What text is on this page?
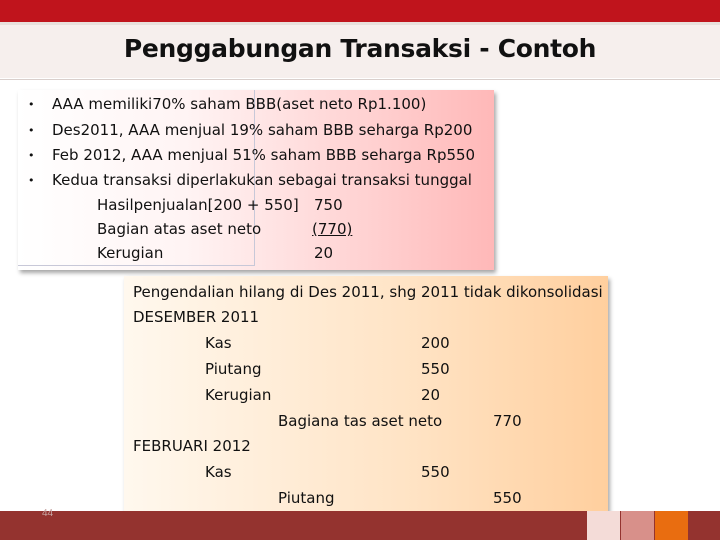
Penggabungan Transaksi - Contoh
• AAA memiliki70% saham BBB(aset neto Rp1.100)
• Des2011, AAA menjual 19% saham BBB seharga Rp200
• Feb 2012, AAA menjual 51% saham BBB seharga Rp550
• Kedua transaksi diperlakukan sebagai transaksi tunggal
Hasilpenjualan[200 + 550] 750
Bagian atas aset neto	(770)
Kerugian	20
Pengendalian hilang di Des 2011, shg 2011 tidak dikonsolidasi
DESEMBER 2011
Kas	200
Piutang	550
Kerugian	20
Bagiana tas aset neto	770
FEBRUARI 2012
Kas	550
Piutang	550
44
